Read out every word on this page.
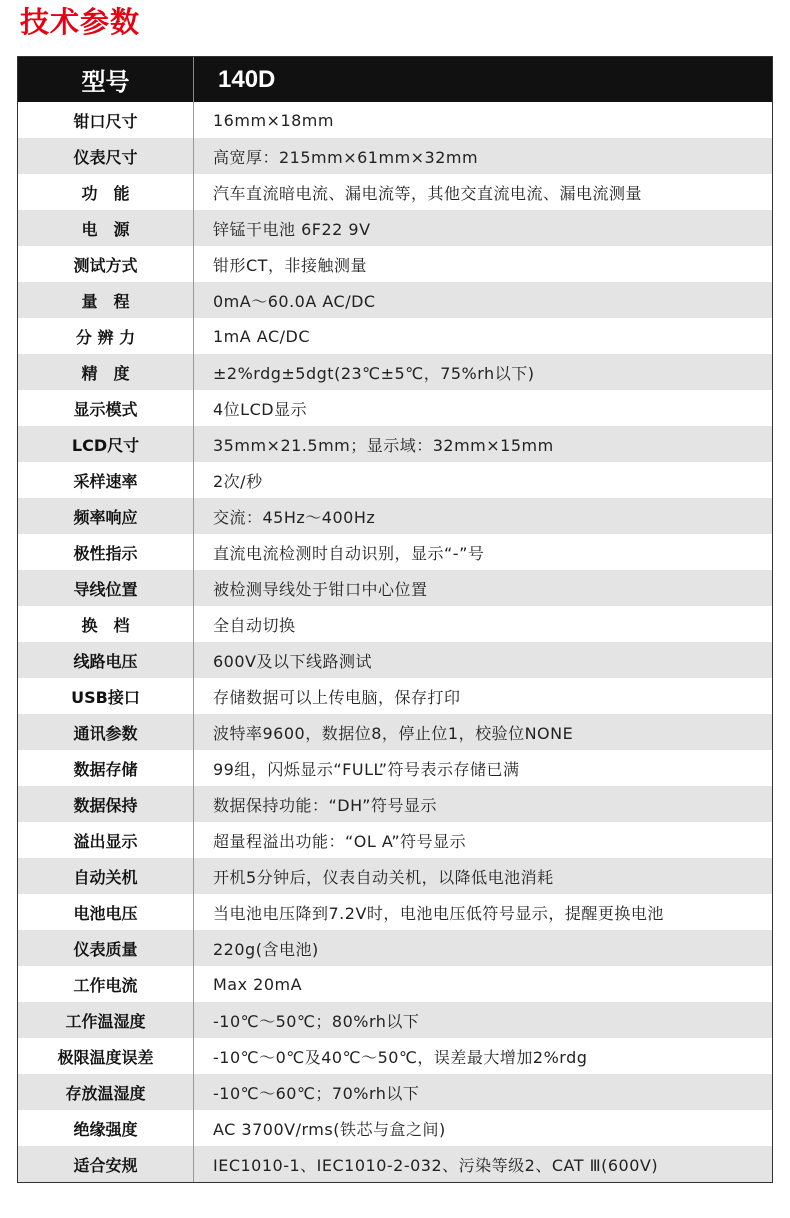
技术参数
型号	140D
钳口尺寸	16mm×18mm
仪表尺寸	高宽厚：215mm×61mm×32mm
功　能	汽车直流暗电流、漏电流等，其他交直流电流、漏电流测量
电　源	锌锰干电池 6F22 9V
测试方式	钳形CT，非接触测量
量　程	0mA～60.0A AC/DC
分 辨 力	1mA AC/DC
精　度	±2%rdg±5dgt(23℃±5℃，75%rh以下)
显示模式	4位LCD显示
LCD尺寸	35mm×21.5mm；显示域：32mm×15mm
采样速率	2次/秒
频率响应	交流：45Hz～400Hz
极性指示	直流电流检测时自动识别，显示“-”号
导线位置	被检测导线处于钳口中心位置
换　档	全自动切换
线路电压	600V及以下线路测试
USB接口	存储数据可以上传电脑，保存打印
通讯参数	波特率9600，数据位8，停止位1，校验位NONE
数据存储	99组，闪烁显示“FULL”符号表示存储已满
数据保持	数据保持功能：“DH”符号显示
溢出显示	超量程溢出功能：“OL A”符号显示
自动关机	开机5分钟后，仪表自动关机，以降低电池消耗
电池电压	当电池电压降到7.2V时，电池电压低符号显示，提醒更换电池
仪表质量	220g(含电池)
工作电流	Max 20mA
工作温湿度	-10℃～50℃；80%rh以下
极限温度误差	-10℃～0℃及40℃～50℃，误差最大增加2%rdg
存放温湿度	-10℃～60℃；70%rh以下
绝缘强度	AC 3700V/rms(铁芯与盒之间)
适合安规	IEC1010-1、IEC1010-2-032、污染等级2、CAT Ⅲ(600V)
